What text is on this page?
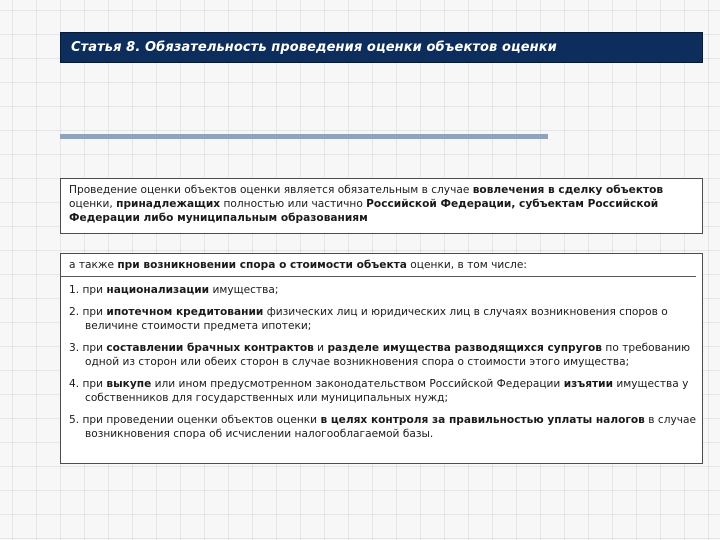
Статья 8. Обязательность проведения оценки объектов оценки
Проведение оценки объектов оценки является обязательным в случае вовлечения в сделку объектов оценки, принадлежащих полностью или частично Российской Федерации, субъектам Российской Федерации либо муниципальным образованиям
а также при возникновении спора о стоимости объекта оценки, в том числе:
1. при национализации имущества;
2. при ипотечном кредитовании физических лиц и юридических лиц в случаях возникновения споров о величине стоимости предмета ипотеки;
3. при составлении брачных контрактов и разделе имущества разводящихся супругов по требованию одной из сторон или обеих сторон в случае возникновения спора о стоимости этого имущества;
4. при выкупе или ином предусмотренном законодательством Российской Федерации изъятии имущества у собственников для государственных или муниципальных нужд;
5. при проведении оценки объектов оценки в целях контроля за правильностью уплаты налогов в случае возникновения спора об исчислении налогооблагаемой базы.
